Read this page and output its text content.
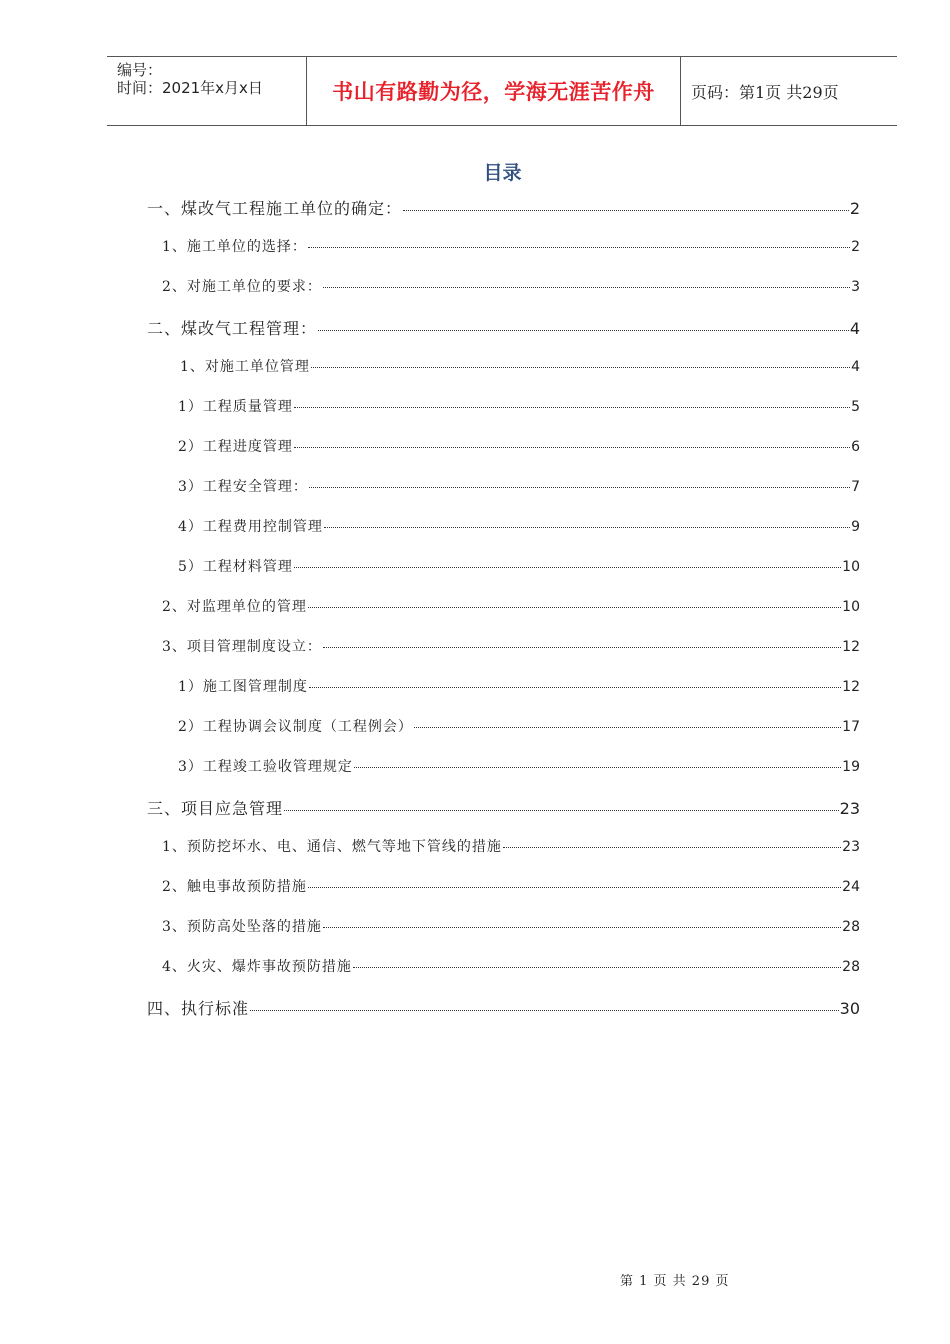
编号：
时间：2021年x月x日	书山有路勤为径，学海无涯苦作舟	页码：第1页 共29页
目录
一、煤改气工程施工单位的确定：	2
1、施工单位的选择：	2
2、对施工单位的要求：	3
二、煤改气工程管理：	4
1、对施工单位管理	4
1）工程质量管理	5
2）工程进度管理	6
3）工程安全管理：	7
4）工程费用控制管理	9
5）工程材料管理	10
2、对监理单位的管理	10
3、项目管理制度设立：	12
1）施工图管理制度	12
2）工程协调会议制度（工程例会）	17
3）工程竣工验收管理规定	19
三、项目应急管理	23
1、预防挖坏水、电、通信、燃气等地下管线的措施	23
2、触电事故预防措施	24
3、预防高处坠落的措施	28
4、火灾、爆炸事故预防措施	28
四、执行标准	30
第 1 页 共 29 页
